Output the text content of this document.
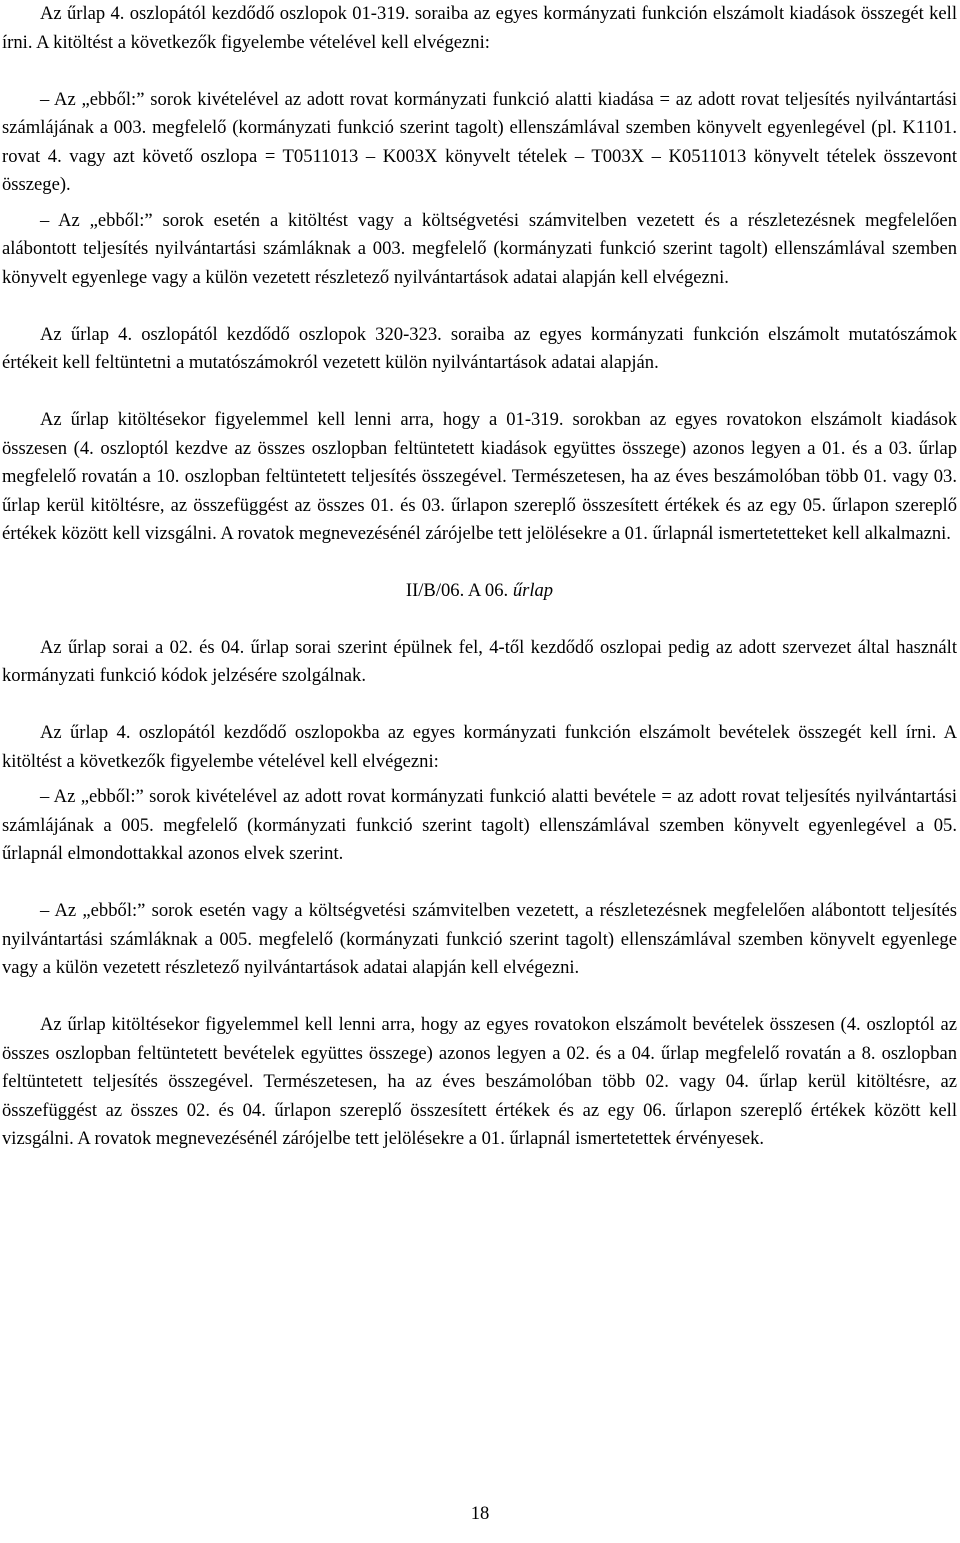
Az űrlap 4. oszlopától kezdődő oszlopok 01-319. soraiba az egyes kormányzati funkción elszámolt kiadások összegét kell írni. A kitöltést a következők figyelembe vételével kell elvégezni:

– Az „ebből:” sorok kivételével az adott rovat kormányzati funkció alatti kiadása = az adott rovat teljesítés nyilvántartási számlájának a 003. megfelelő (kormányzati funkció szerint tagolt) ellenszámlával szemben könyvelt egyenlegével (pl. K1101. rovat 4. vagy azt követő oszlopa = T0511013 – K003X könyvelt tételek – T003X – K0511013 könyvelt tételek összevont összege).

– Az „ebből:” sorok esetén a kitöltést vagy a költségvetési számvitelben vezetett és a részletezésnek megfelelően alábontott teljesítés nyilvántartási számláknak a 003. megfelelő (kormányzati funkció szerint tagolt) ellenszámlával szemben könyvelt egyenlege vagy a külön vezetett részletező nyilvántartások adatai alapján kell elvégezni.

Az űrlap 4. oszlopától kezdődő oszlopok 320-323. soraiba az egyes kormányzati funkción elszámolt mutatószámok értékeit kell feltüntetni a mutatószámokról vezetett külön nyilvántartások adatai alapján.

Az űrlap kitöltésekor figyelemmel kell lenni arra, hogy a 01-319. sorokban az egyes rovatokon elszámolt kiadások összesen (4. oszloptól kezdve az összes oszlopban feltüntetett kiadások együttes összege) azonos legyen a 01. és a 03. űrlap megfelelő rovatán a 10. oszlopban feltüntetett teljesítés összegével. Természetesen, ha az éves beszámolóban több 01. vagy 03. űrlap kerül kitöltésre, az összefüggést az összes 01. és 03. űrlapon szereplő összesített értékek és az egy 05. űrlapon szereplő értékek között kell vizsgálni. A rovatok megnevezésénél zárójelbe tett jelölésekre a 01. űrlapnál ismertetetteket kell alkalmazni.

II/B/06. A 06. űrlap

Az űrlap sorai a 02. és 04. űrlap sorai szerint épülnek fel, 4-től kezdődő oszlopai pedig az adott szervezet által használt kormányzati funkció kódok jelzésére szolgálnak.

Az űrlap 4. oszlopától kezdődő oszlopokba az egyes kormányzati funkción elszámolt bevételek összegét kell írni. A kitöltést a következők figyelembe vételével kell elvégezni:

– Az „ebből:” sorok kivételével az adott rovat kormányzati funkció alatti bevétele = az adott rovat teljesítés nyilvántartási számlájának a 005. megfelelő (kormányzati funkció szerint tagolt) ellenszámlával szemben könyvelt egyenlegével a 05. űrlapnál elmondottakkal azonos elvek szerint.

– Az „ebből:” sorok esetén vagy a költségvetési számvitelben vezetett, a részletezésnek megfelelően alábontott teljesítés nyilvántartási számláknak a 005. megfelelő (kormányzati funkció szerint tagolt) ellenszámlával szemben könyvelt egyenlege vagy a külön vezetett részletező nyilvántartások adatai alapján kell elvégezni.

Az űrlap kitöltésekor figyelemmel kell lenni arra, hogy az egyes rovatokon elszámolt bevételek összesen (4. oszloptól az összes oszlopban feltüntetett bevételek együttes összege) azonos legyen a 02. és a 04. űrlap megfelelő rovatán a 8. oszlopban feltüntetett teljesítés összegével. Természetesen, ha az éves beszámolóban több 02. vagy 04. űrlap kerül kitöltésre, az összefüggést az összes 02. és 04. űrlapon szereplő összesített értékek és az egy 06. űrlapon szereplő értékek között kell vizsgálni. A rovatok megnevezésénél zárójelbe tett jelölésekre a 01. űrlapnál ismertetettek érvényesek.

18
